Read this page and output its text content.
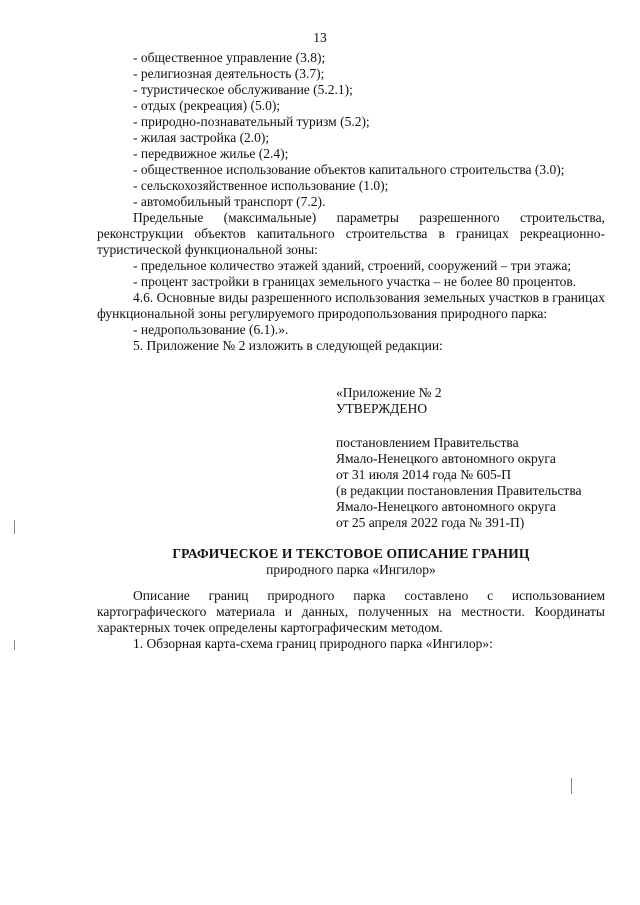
13
- общественное управление (3.8);
- религиозная деятельность (3.7);
- туристическое обслуживание (5.2.1);
- отдых (рекреация) (5.0);
- природно-познавательный туризм (5.2);
- жилая застройка (2.0);
- передвижное жилье (2.4);
- общественное использование объектов капитального строительства (3.0);
- сельскохозяйственное использование (1.0);
- автомобильный транспорт (7.2).
Предельные (максимальные) параметры разрешенного строительства, реконструкции объектов капитального строительства в границах рекреационно-туристической функциональной зоны:
- предельное количество этажей зданий, строений, сооружений – три этажа;
- процент застройки в границах земельного участка – не более 80 процентов.
4.6. Основные виды разрешенного использования земельных участков в границах функциональной зоны регулируемого природопользования природного парка:
- недропользование (6.1).».
5. Приложение № 2 изложить в следующей редакции:
«Приложение № 2
УТВЕРЖДЕНО
постановлением Правительства
Ямало-Ненецкого автономного округа
от 31 июля 2014 года № 605-П
(в редакции постановления Правительства
Ямало-Ненецкого автономного округа
от 25 апреля 2022 года № 391-П)
ГРАФИЧЕСКОЕ И ТЕКСТОВОЕ ОПИСАНИЕ ГРАНИЦ
природного парка «Ингилор»
Описание границ природного парка составлено с использованием картографического материала и данных, полученных на местности. Координаты характерных точек определены картографическим методом.
1. Обзорная карта-схема границ природного парка «Ингилор»:
